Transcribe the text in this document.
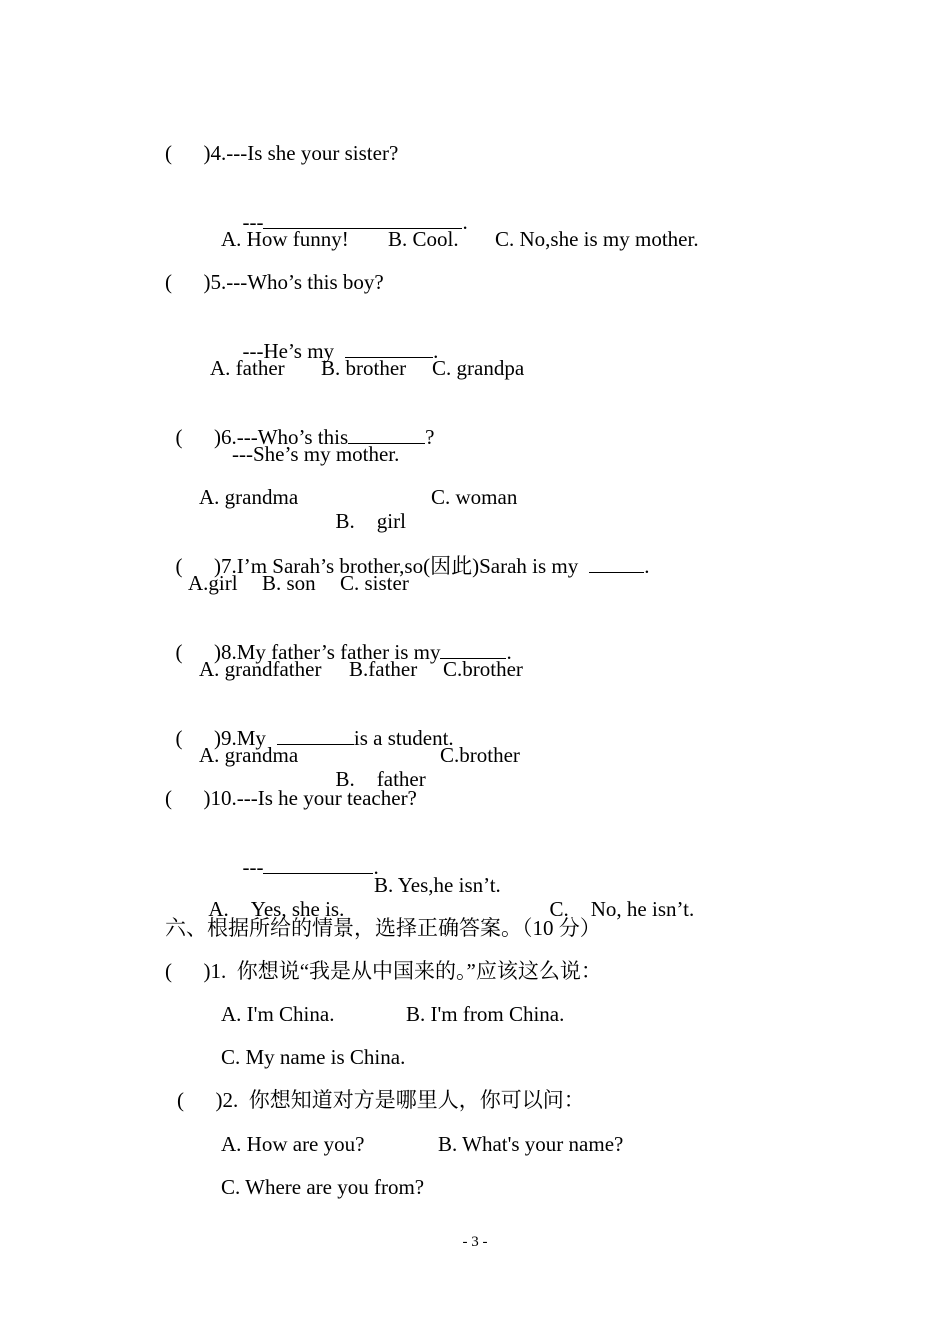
(      )4.---Is she your sister?

---	.

A. How funny! B. Cool. C. No,she is my mother.
(      )5.---Who’s this boy?

---He’s my	.

A. father B. brother C. grandpa

(      )6.---Who’s this	?

---She’s my mother.
A. grandma

B. girl

C. woman

(      )7.I’m Sarah’s brother,so(因此)Sarah is my	.

A.girl B. son C. sister

(      )8.My father’s father is my	.

A. grandfather B.father C.brother

(      )9.My	is a student.

A. grandma

B. father

C.brother
(      )10.---Is he your teacher?

---	.

A. Yes, she is.

B. Yes,he isn’t.

C. No, he isn’t.

六、根据所给的情景，选择正确答案。（10 分）
(      )1.  你想说“我是从中国来的。”应该这么说：
A. I'm China.	B. I'm from China.
C. My name is China.
(      )2.  你想知道对方是哪里人，你可以问：
A. How are you?	B. What's your name?
C. Where are you from?
- 3 -
